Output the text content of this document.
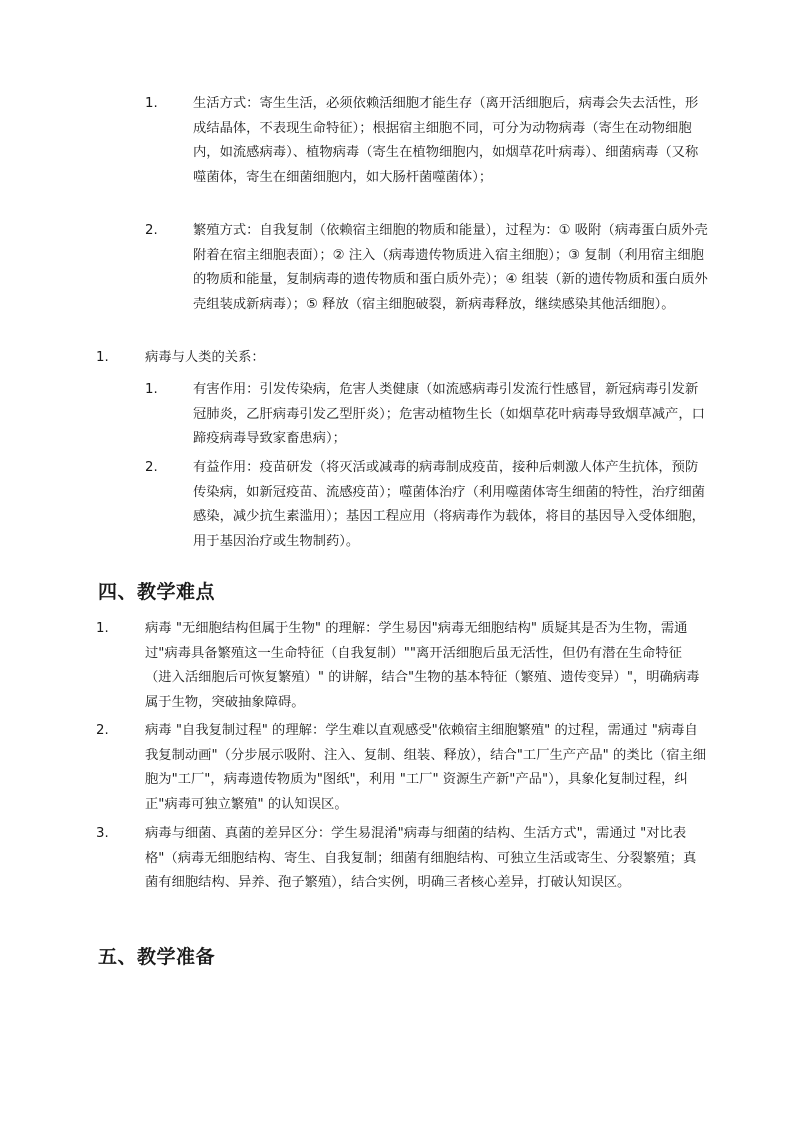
1.	生活方式：寄生生活，必须依赖活细胞才能生存（离开活细胞后，病毒会失去活性，形成结晶体，不表现生命特征）；根据宿主细胞不同，可分为动物病毒（寄生在动物细胞内，如流感病毒）、植物病毒（寄生在植物细胞内，如烟草花叶病毒）、细菌病毒（又称噬菌体，寄生在细菌细胞内，如大肠杆菌噬菌体）；
2.	繁殖方式：自我复制（依赖宿主细胞的物质和能量），过程为：① 吸附（病毒蛋白质外壳附着在宿主细胞表面）；② 注入（病毒遗传物质进入宿主细胞）；③ 复制（利用宿主细胞的物质和能量，复制病毒的遗传物质和蛋白质外壳）；④ 组装（新的遗传物质和蛋白质外壳组装成新病毒）；⑤ 释放（宿主细胞破裂，新病毒释放，继续感染其他活细胞）。
1.	病毒与人类的关系：
1.	有害作用：引发传染病，危害人类健康（如流感病毒引发流行性感冒，新冠病毒引发新冠肺炎，乙肝病毒引发乙型肝炎）；危害动植物生长（如烟草花叶病毒导致烟草减产，口蹄疫病毒导致家畜患病）；
2.	有益作用：疫苗研发（将灭活或减毒的病毒制成疫苗，接种后刺激人体产生抗体，预防传染病，如新冠疫苗、流感疫苗）；噬菌体治疗（利用噬菌体寄生细菌的特性，治疗细菌感染，减少抗生素滥用）；基因工程应用（将病毒作为载体，将目的基因导入受体细胞，用于基因治疗或生物制药）。
四、教学难点
1.	病毒 "无细胞结构但属于生物" 的理解：学生易因"病毒无细胞结构" 质疑其是否为生物，需通过"病毒具备繁殖这一生命特征（自我复制）""离开活细胞后虽无活性，但仍有潜在生命特征（进入活细胞后可恢复繁殖）" 的讲解，结合"生物的基本特征（繁殖、遗传变异）"，明确病毒属于生物，突破抽象障碍。
2.	病毒 "自我复制过程" 的理解：学生难以直观感受"依赖宿主细胞繁殖" 的过程，需通过 "病毒自我复制动画"（分步展示吸附、注入、复制、组装、释放），结合"工厂生产产品" 的类比（宿主细胞为"工厂"，病毒遗传物质为"图纸"，利用 "工厂" 资源生产新"产品"），具象化复制过程，纠正"病毒可独立繁殖" 的认知误区。
3.	病毒与细菌、真菌的差异区分：学生易混淆"病毒与细菌的结构、生活方式"，需通过 "对比表格"（病毒无细胞结构、寄生、自我复制；细菌有细胞结构、可独立生活或寄生、分裂繁殖；真菌有细胞结构、异养、孢子繁殖），结合实例，明确三者核心差异，打破认知误区。
五、教学准备
